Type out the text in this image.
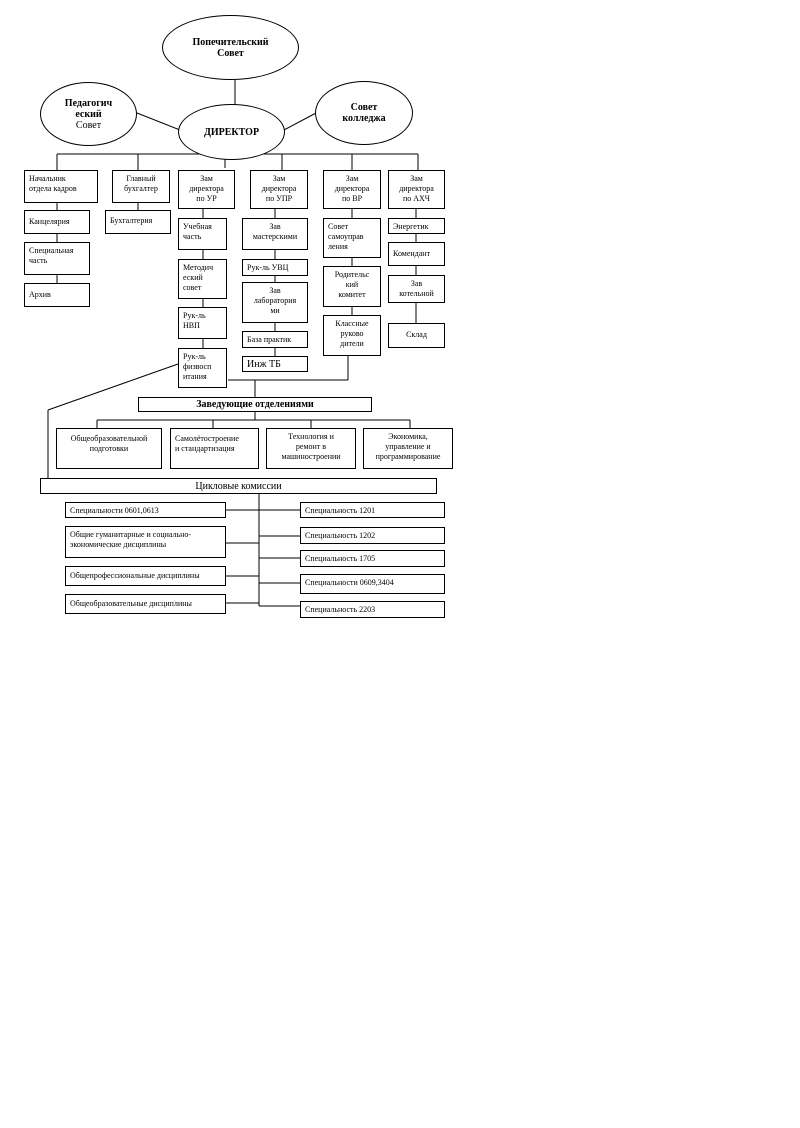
Попечительский
Совет
Педагогич
еский
Совет
ДИРЕКТОР
Совет
колледжа
Начальник
отдела кадров
Главный
бухгалтер
Зам
директора
по УР
Зам
директора
по УПР
Зам
директора
по ВР
Зам
директора
по АХЧ
Канцелярия
Специальная
часть
Архив
Бухгалтерия
Учебная
часть
Методич
еский
совет
Рук-ль
НВП
Рук-ль
физвосп
итания
Зав
мастерскими
Рук-ль УВЦ
Зав
лаборатория
ми
База практик
Инж ТБ
Совет
самоуправ
ления
Родительс
кий
комитет
Классные
руково
дители
Энергетик
Комендант
Зав
котельной
Склад
Заведующие отделениями
Общеобразовательной
подготовки
Самолётостроение
и стандартизация
Технология и
ремонт в
машиностроении
Экономика,
управление и
программирование
Цикловые комиссии
Специальности 0601,0613
Общие гуманитарные и социально-
экономические дисциплины
Общепрофессиональные дисциплины
Общеобразовательные дисциплины
Специальность 1201
Специальность 1202
Специальность 1705
Специальности 0609,3404
Специальность 2203
